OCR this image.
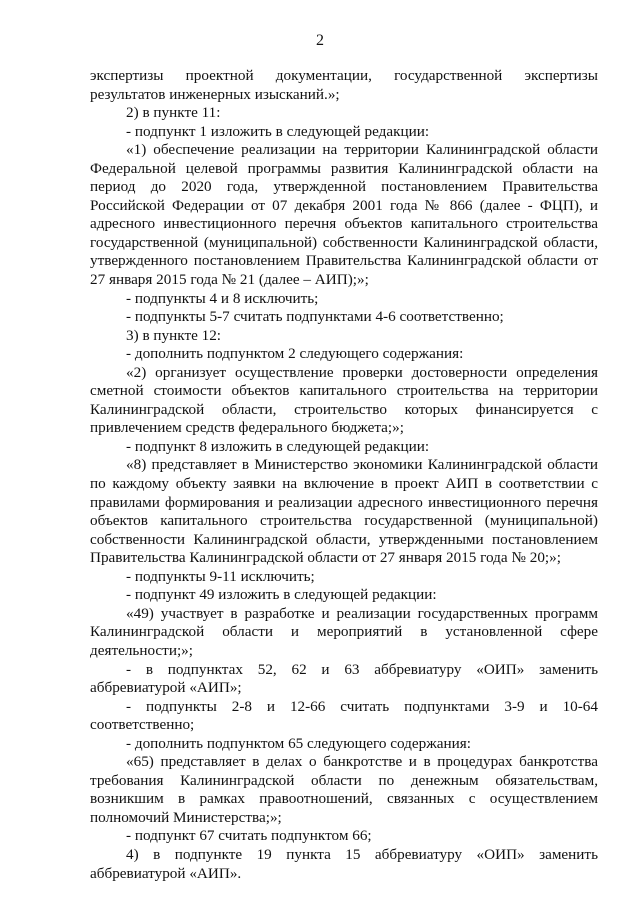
2

экспертизы проектной документации, государственной экспертизы результатов инженерных изысканий.»;

2) в пункте 11:

- подпункт 1 изложить в следующей редакции:

«1) обеспечение реализации на территории Калининградской области Федеральной целевой программы развития Калининградской области на период до 2020 года, утвержденной постановлением Правительства Российской Федерации от 07 декабря 2001 года № 866 (далее - ФЦП), и адресного инвестиционного перечня объектов капитального строительства государственной (муниципальной) собственности Калининградской области, утвержденного постановлением Правительства Калининградской области от 27 января 2015 года № 21 (далее – АИП);»;

- подпункты 4 и 8 исключить;

- подпункты 5-7 считать подпунктами 4-6 соответственно;

3) в пункте 12:

- дополнить подпунктом 2 следующего содержания:

«2) организует осуществление проверки достоверности определения сметной стоимости объектов капитального строительства на территории Калининградской области, строительство которых финансируется с привлечением средств федерального бюджета;»;

- подпункт 8 изложить в следующей редакции:

«8) представляет в Министерство экономики Калининградской области по каждому объекту заявки на включение в проект АИП в соответствии с правилами формирования и реализации адресного инвестиционного перечня объектов капитального строительства государственной (муниципальной) собственности Калининградской области, утвержденными постановлением Правительства Калининградской области от 27 января 2015 года № 20;»;

- подпункты 9-11 исключить;

- подпункт 49 изложить в следующей редакции:

«49) участвует в разработке и реализации государственных программ Калининградской области и мероприятий в установленной сфере деятельности;»;

- в подпунктах 52, 62 и 63 аббревиатуру «ОИП» заменить аббревиатурой «АИП»;

- подпункты 2-8 и 12-66 считать подпунктами 3-9 и 10-64 соответственно;

- дополнить подпунктом 65 следующего содержания:

«65) представляет в делах о банкротстве и в процедурах банкротства требования Калининградской области по денежным обязательствам, возникшим в рамках правоотношений, связанных с осуществлением полномочий Министерства;»;

- подпункт 67 считать подпунктом 66;

4) в подпункте 19 пункта 15 аббревиатуру «ОИП» заменить аббревиатурой «АИП».
